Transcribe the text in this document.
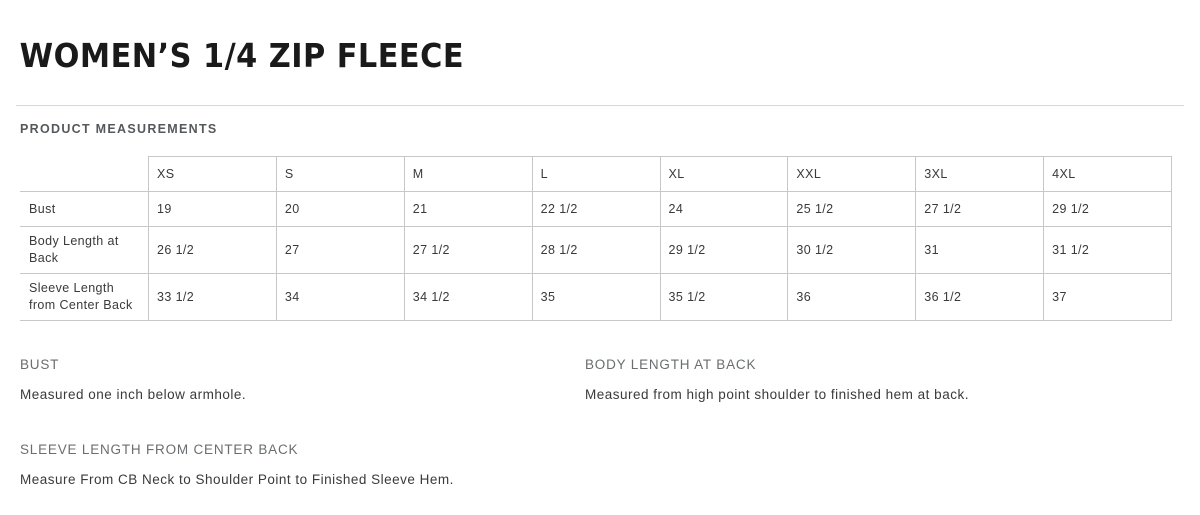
WOMEN’S 1/4 ZIP FLEECE
PRODUCT MEASUREMENTS
	XS	S	M	L	XL	XXL	3XL	4XL
Bust	19	20	21	22 1/2	24	25 1/2	27 1/2	29 1/2
Body Length at Back	26 1/2	27	27 1/2	28 1/2	29 1/2	30 1/2	31	31 1/2
Sleeve Length from Center Back	33 1/2	34	34 1/2	35	35 1/2	36	36 1/2	37
BUST
Measured one inch below armhole.
BODY LENGTH AT BACK
Measured from high point shoulder to finished hem at back.
SLEEVE LENGTH FROM CENTER BACK
Measure From CB Neck to Shoulder Point to Finished Sleeve Hem.
